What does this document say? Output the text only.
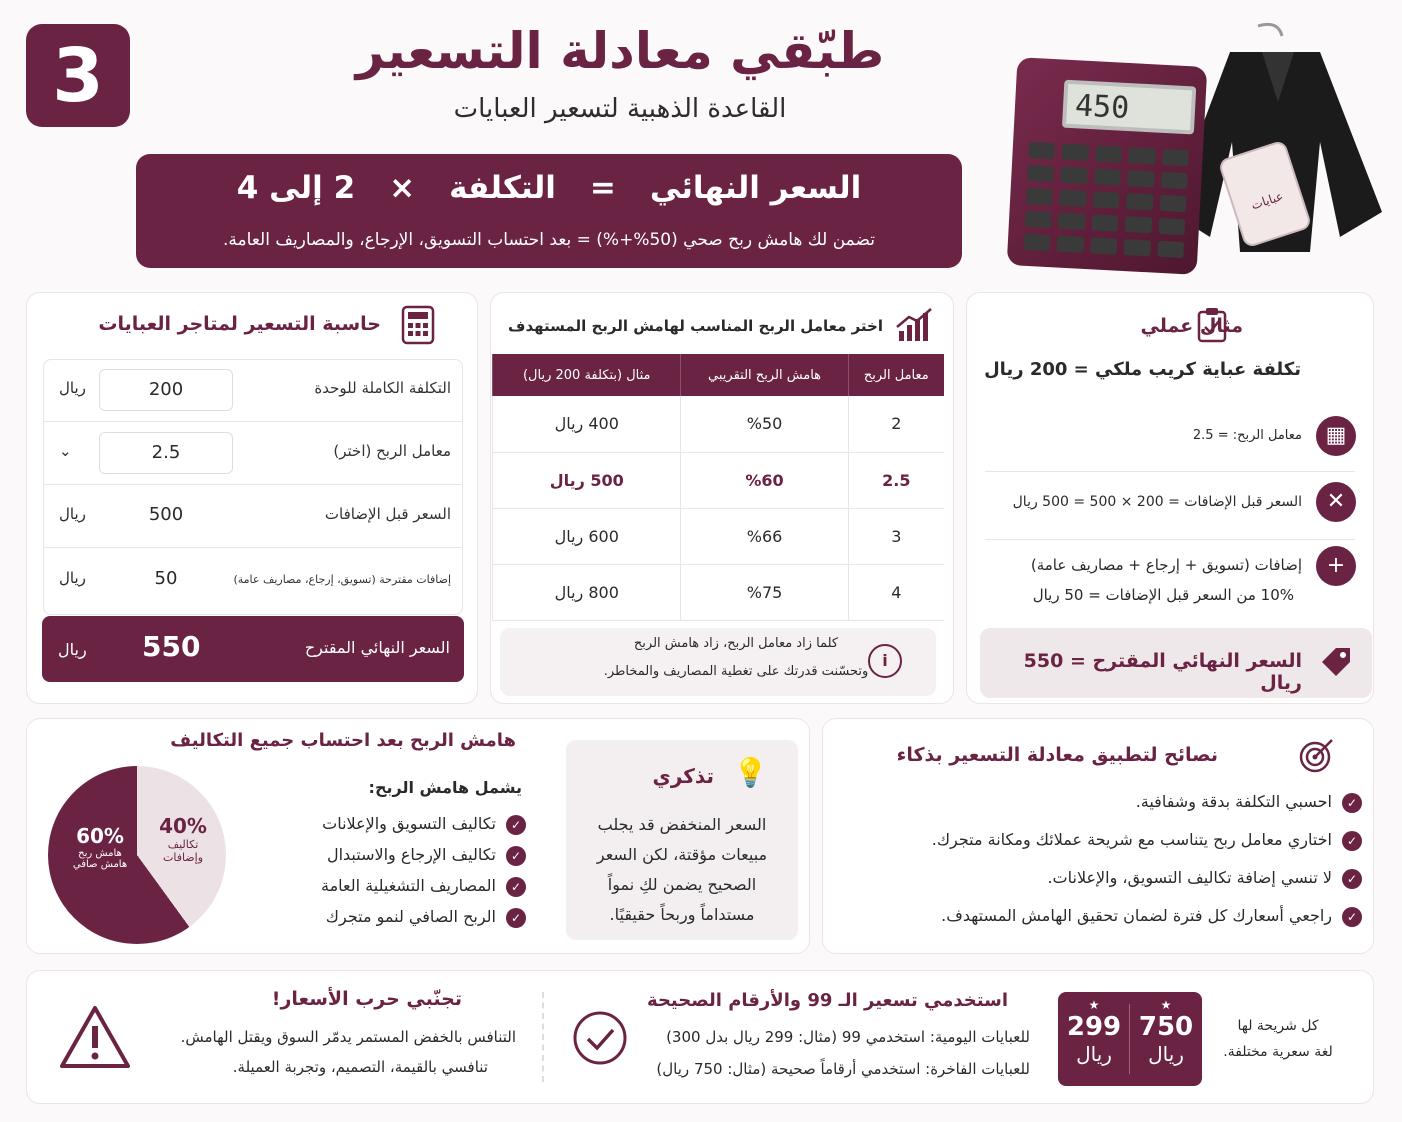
3	طبّقي معادلة التسعير
القاعدة الذهبية لتسعير العبايات
السعر النهائي
=
التكلفة
×
2 إلى 4
تضمن لك هامش ربح صحي (50%+%) = بعد احتساب التسويق، الإرجاع، والمصاريف العامة.
450
عبايات
حاسبة التسعير لمتاجر العبايات
التكلفة الكاملة للوحدة
200
ريال
معامل الربح (اختر)
2.5
⌄
السعر قبل الإضافات
500
ريال
إضافات مقترحة (تسويق، إرجاع، مصاريف عامة)
50
ريال
السعر النهائي المقترح
550
ريال
اختر معامل الربح المناسب لهامش الربح المستهدف
معامل الربح	هامش الربح التقريبي	مثال (بتكلفة 200 ريال)
2	%50	400 ريال
2.5	%60	500 ريال
3	%66	600 ريال
4	%75	800 ريال
كلما زاد معامل الربح، زاد هامش الربح
وتحسّنت قدرتك على تغطية المصاريف والمخاطر.
i
مثال عملي
تكلفة عباية كريب ملكي = 200 ريال
▦
معامل الربح: = 2.5
✕
السعر قبل الإضافات = 200 × 500 = 500 ريال
+
إضافات (تسويق + إرجاع + مصاريف عامة)
10% من السعر قبل الإضافات = 50 ريال
السعر النهائي المقترح = 550 ريال
هامش الربح بعد احتساب جميع التكاليف
يشمل هامش الربح:
✓تكاليف التسويق والإعلانات
✓تكاليف الإرجاع والاستبدال
✓المصاريف التشغيلية العامة
✓الربح الصافي لنمو متجرك
40%
تكاليف
وإضافات
60%
هامش ربح
هامش صافي
تذكري 💡
السعر المنخفض قد يجلب
مبيعات مؤقتة، لكن السعر
الصحيح يضمن لكِ نمواً
مستداماً وربحاً حقيقيًا.
نصائح لتطبيق معادلة التسعير بذكاء
✓احسبي التكلفة بدقة وشفافية.
✓اختاري معامل ربح يتناسب مع شريحة عملائك ومكانة متجرك.
✓لا تنسي إضافة تكاليف التسويق، والإعلانات.
✓راجعي أسعارك كل فترة لضمان تحقيق الهامش المستهدف.
تجنّبي حرب الأسعار!
التنافس بالخفض المستمر يدمّر السوق ويقتل الهامش.
تنافسي بالقيمة، التصميم، وتجربة العميلة.
استخدمي تسعير الـ 99 والأرقام الصحيحة
للعبايات اليومية: استخدمي 99 (مثال: 299 ريال بدل 300)
للعبايات الفاخرة: استخدمي أرقاماً صحيحة (مثال: 750 ريال)
★
299
ريال
★
750
ريال
كل شريحة لها
لغة سعرية مختلفة.
